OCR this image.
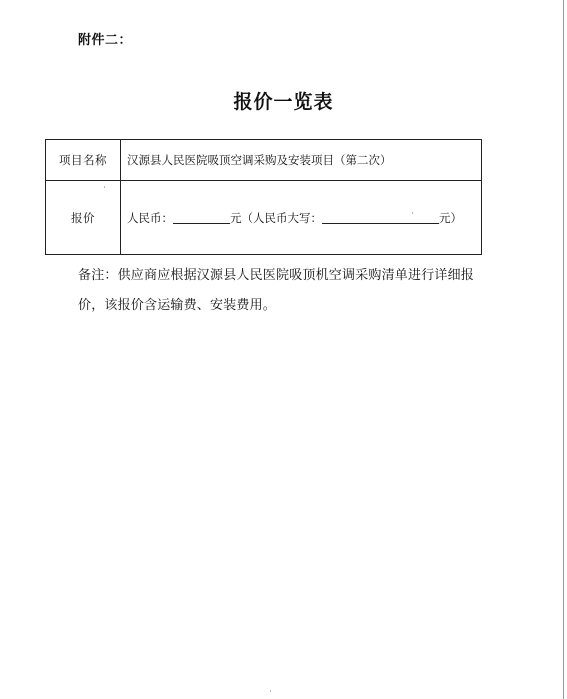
附件二：
报价一览表
项目名称	汉源县人民医院吸顶空调采购及安装项目（第二次）
报价	人民币： 元（人民币大写： 元）
备注：供应商应根据汉源县人民医院吸顶机空调采购清单进行详细报
价，该报价含运输费、安装费用。
